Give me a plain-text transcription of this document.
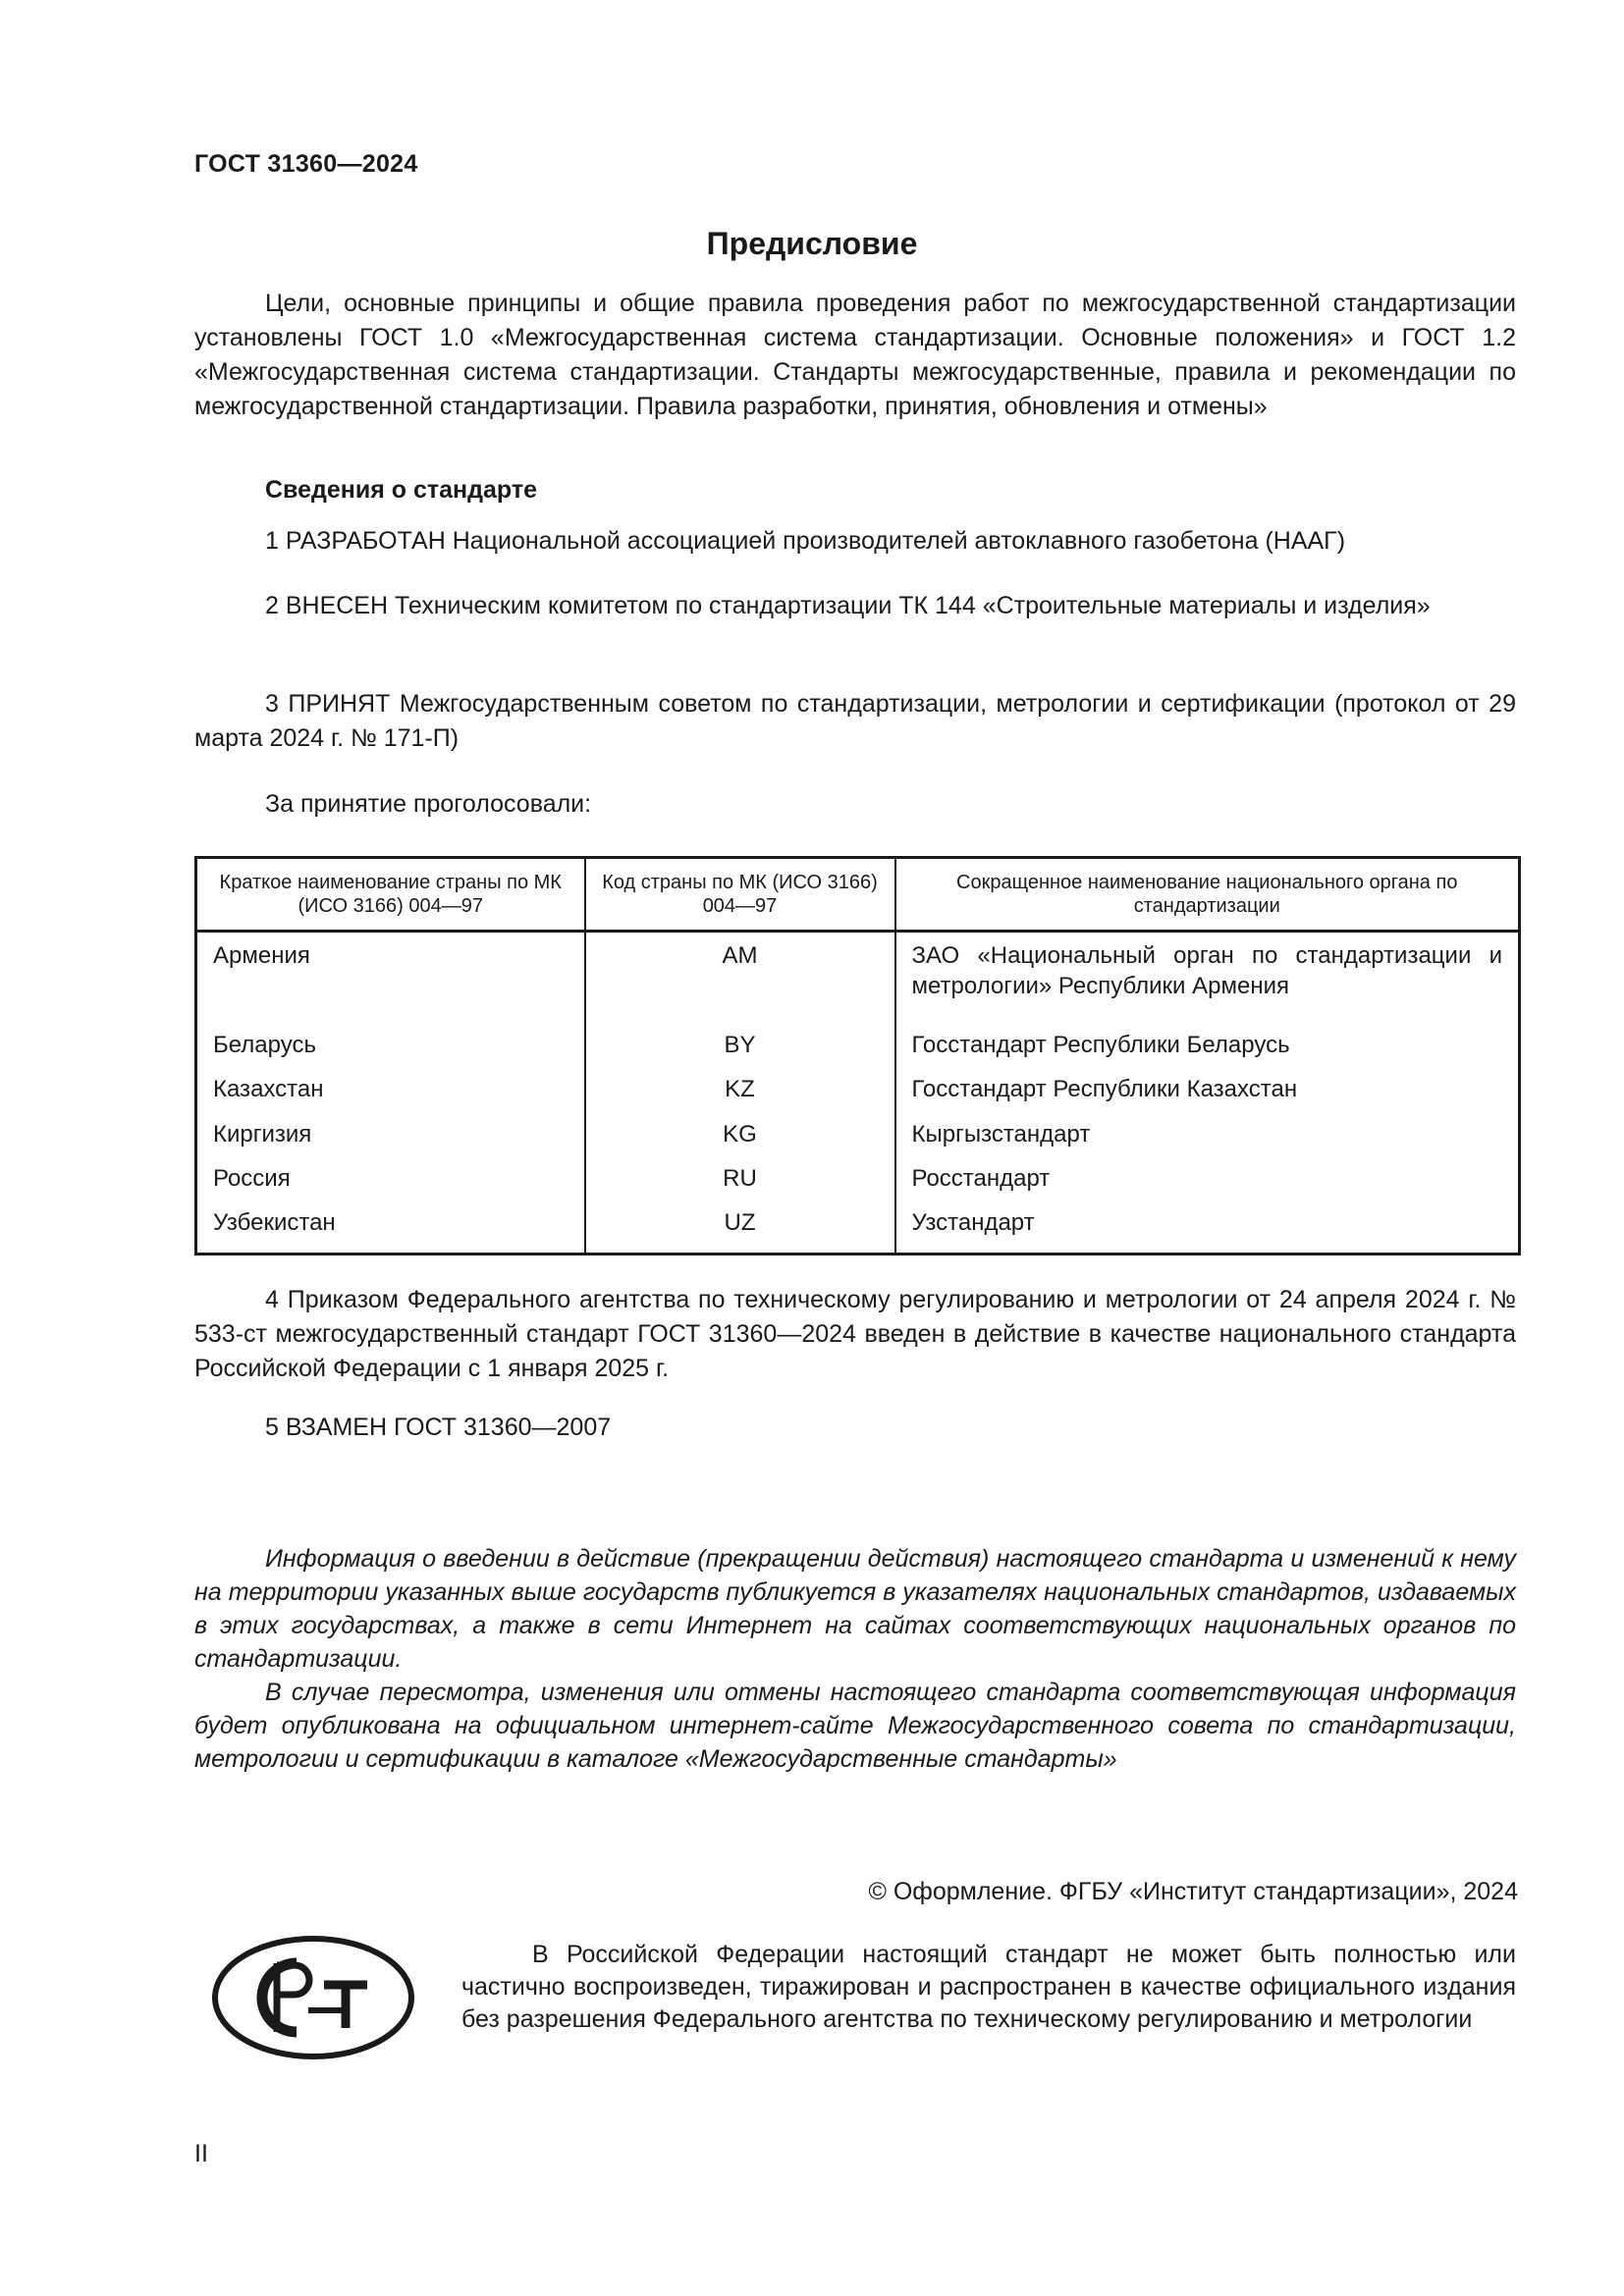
ГОСТ 31360—2024
Предисловие
Цели, основные принципы и общие правила проведения работ по межгосударственной стандартизации установлены ГОСТ 1.0 «Межгосударственная система стандартизации. Основные положения» и ГОСТ 1.2 «Межгосударственная система стандартизации. Стандарты межгосударственные, правила и рекомендации по межгосударственной стандартизации. Правила разработки, принятия, обновления и отмены»
Сведения о стандарте
1 РАЗРАБОТАН Национальной ассоциацией производителей автоклавного газобетона (НААГ)
2 ВНЕСЕН Техническим комитетом по стандартизации ТК 144 «Строительные материалы и изделия»
3 ПРИНЯТ Межгосударственным советом по стандартизации, метрологии и сертификации (протокол от 29 марта 2024 г. № 171-П)
За принятие проголосовали:
Краткое наименование страны по МК (ИСО 3166) 004—97	Код страны по МК (ИСО 3166) 004—97	Сокращенное наименование национального органа по стандартизации
Армения	AM	ЗАО «Национальный орган по стандартизации и метрологии» Республики Армения
Беларусь	BY	Госстандарт Республики Беларусь
Казахстан	KZ	Госстандарт Республики Казахстан
Киргизия	KG	Кыргызстандарт
Россия	RU	Росстандарт
Узбекистан	UZ	Узстандарт
4 Приказом Федерального агентства по техническому регулированию и метрологии от 24 апреля 2024 г. № 533-ст межгосударственный стандарт ГОСТ 31360—2024 введен в действие в качестве национального стандарта Российской Федерации с 1 января 2025 г.
5 ВЗАМЕН ГОСТ 31360—2007
Информация о введении в действие (прекращении действия) настоящего стандарта и изменений к нему на территории указанных выше государств публикуется в указателях национальных стандартов, издаваемых в этих государствах, а также в сети Интернет на сайтах соответствующих национальных органов по стандартизации.
В случае пересмотра, изменения или отмены настоящего стандарта соответствующая информация будет опубликована на официальном интернет-сайте Межгосударственного совета по стандартизации, метрологии и сертификации в каталоге «Межгосударственные стандарты»
© Оформление. ФГБУ «Институт стандартизации», 2024
В Российской Федерации настоящий стандарт не может быть полностью или частично воспроизведен, тиражирован и распространен в качестве официального издания без разрешения Федерального агентства по техническому регулированию и метрологии
II
